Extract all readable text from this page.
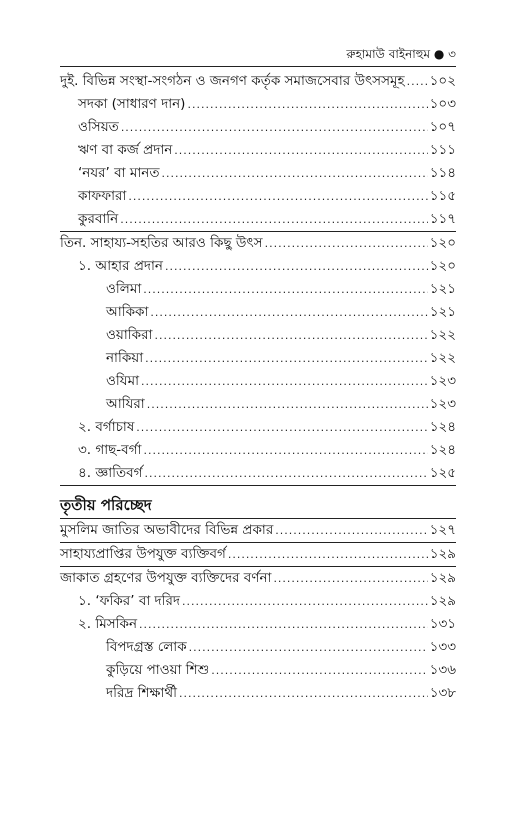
রুহামাউ বাইনাহুম ● ৩
দুই. বিভিন্ন সংস্থা-সংগঠন ও জনগণ কর্তৃক সমাজসেবার উৎসসমূহ ..... ১০২
সদকা (সাধারণ দান) .....	১০৩
ওসিয়ত .....	১০৭
ঋণ বা কর্জ প্রদান .....	১১১
‘নযর’ বা মানত .....	১১৪
কাফফারা .....	১১৫
কুরবানি .....	১১৭
তিন. সাহায্য-সহতির আরও কিছু উৎস .....	১২০
১. আহার প্রদান .....	১২০
ওলিমা .....	১২১
আকিকা .....	১২১
ওয়াকিরা .....	১২২
নাকিয়া .....	১২২
ওযিমা .....	১২৩
আযিরা .....	১২৩
২. বর্গাচাষ .....	১২৪
৩. গাছ-বর্গা .....	১২৪
৪. জ্ঞাতিবর্গ .....	১২৫
তৃতীয় পরিচ্ছেদ
মুসলিম জাতির অভাবীদের বিভিন্ন প্রকার .....	১২৭
সাহায্যপ্রাপ্তির উপযুক্ত ব্যক্তিবর্গ .....	১২৯
জাকাত গ্রহণের উপযুক্ত ব্যক্তিদের বর্ণনা .....	১২৯
১. ‘ফকির’ বা দরিদ .....	১২৯
২. মিসকিন .....	১৩১
বিপদগ্রস্ত লোক .....	১৩৩
কুড়িয়ে পাওয়া শিশু .....	১৩৬
দরিদ্র শিক্ষার্থী .....	১৩৮
